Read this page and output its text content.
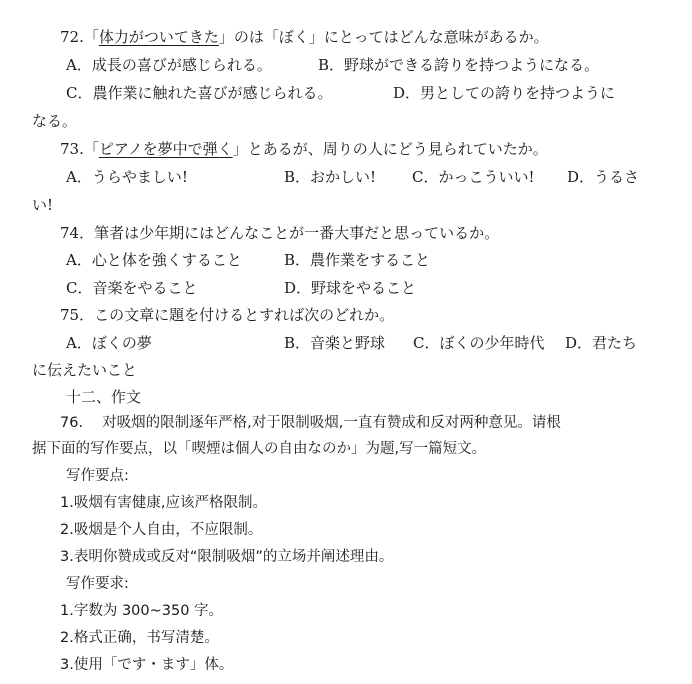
72.「体力がついてきた」のは「ぼく」にとってはどんな意味があるか。
A．成長の喜びが感じられる。	B．野球ができる誇りを持つようになる。
C．農作業に触れた喜びが感じられる。	D．男としての誇りを持つように
なる。
73.「ピアノを夢中で弾く」とあるが、周りの人にどう見られていたか。
A．うらやましい!	B．おかしい! C．かっこういい! D．うるさ
い!
74．筆者は少年期にはどんなことが一番大事だと思っているか。
A．心と体を強くすること	B．農作業をすること
C．音楽をやること	D．野球をやること
75．この文章に題を付けるとすれば次のどれか。
A．ぼくの夢	B．音楽と野球 C．ぼくの少年時代 D．君たち
に伝えたいこと
十二、作文
76.　 对吸烟的限制逐年严格,对于限制吸烟,一直有赞成和反对两种意见。请根
据下面的写作要点，以「喫煙は個人の自由なのか」为题,写一篇短文。
写作要点:
1.吸烟有害健康,应该严格限制。
2.吸烟是个人自由，不应限制。
3.表明你赞成或反对“限制吸烟”的立场并阐述理由。
写作要求:
1.字数为 300~350 字。
2.格式正确，书写清楚。
3.使用「です・ます」体。
